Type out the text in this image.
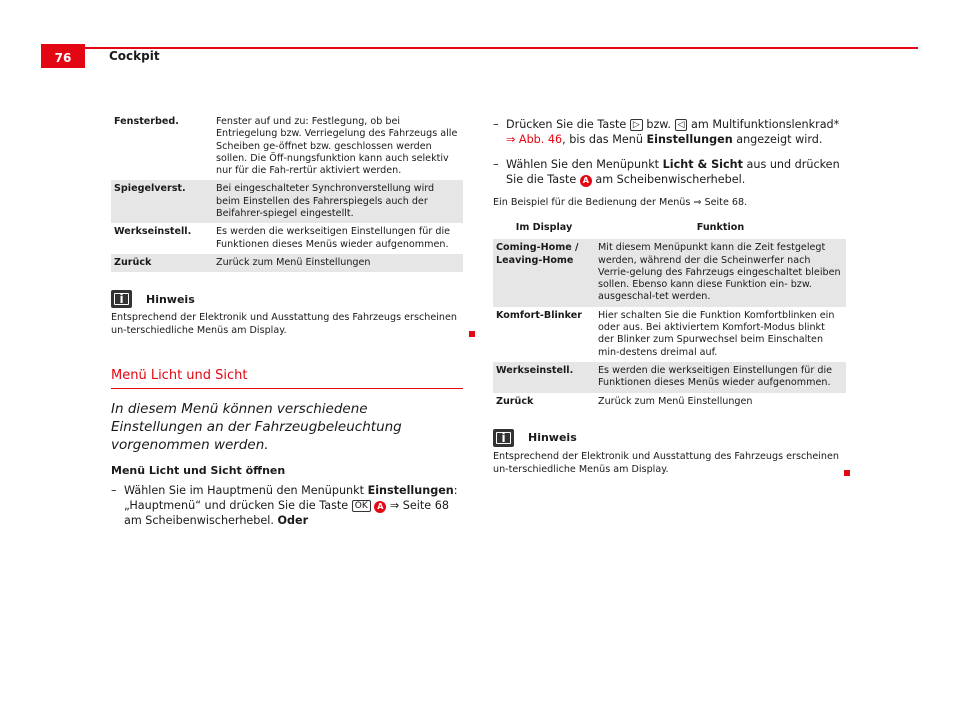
76	Cockpit
Fensterbed.	Fenster auf und zu: Festlegung, ob bei Entriegelung bzw. Verriegelung des Fahrzeugs alle Scheiben ge-öffnet bzw. geschlossen werden sollen. Die Öff-nungsfunktion kann auch selektiv nur für die Fah-rertür aktiviert werden.
Spiegelverst.	Bei eingeschalteter Synchronverstellung wird beim Einstellen des Fahrerspiegels auch der Beifahrer-spiegel eingestellt.
Werkseinstell.	Es werden die werkseitigen Einstellungen für die Funktionen dieses Menüs wieder aufgenommen.
Zurück	Zurück zum Menü Einstellungen
i	Hinweis
Entsprechend der Elektronik und Ausstattung des Fahrzeugs erscheinen un-terschiedliche Menüs am Display.
Menü Licht und Sicht
In diesem Menü können verschiedene Einstellungen an der Fahrzeugbeleuchtung vorgenommen werden.
Menü Licht und Sicht öffnen
– Wählen Sie im Hauptmenü den Menüpunkt Einstellungen: „Hauptmenü“ und drücken Sie die Taste OK A ⇒ Seite 68 am Scheibenwischerhebel. Oder
– Drücken Sie die Taste ▷ bzw. ◁ am Multifunktionslenkrad* ⇒ Abb. 46, bis das Menü Einstellungen angezeigt wird.
– Wählen Sie den Menüpunkt Licht & Sicht aus und drücken Sie die Taste A am Scheibenwischerhebel.
Ein Beispiel für die Bedienung der Menüs ⇒ Seite 68.
Im Display	Funktion
Coming-Home / Leaving-Home	Mit diesem Menüpunkt kann die Zeit festgelegt werden, während der die Scheinwerfer nach Verrie-gelung des Fahrzeugs eingeschaltet bleiben sollen. Ebenso kann diese Funktion ein- bzw. ausgeschal-tet werden.
Komfort-Blinker	Hier schalten Sie die Funktion Komfortblinken ein oder aus. Bei aktiviertem Komfort-Modus blinkt der Blinker zum Spurwechsel beim Einschalten min-destens dreimal auf.
Werkseinstell.	Es werden die werkseitigen Einstellungen für die Funktionen dieses Menüs wieder aufgenommen.
Zurück	Zurück zum Menü Einstellungen
i	Hinweis
Entsprechend der Elektronik und Ausstattung des Fahrzeugs erscheinen un-terschiedliche Menüs am Display.
